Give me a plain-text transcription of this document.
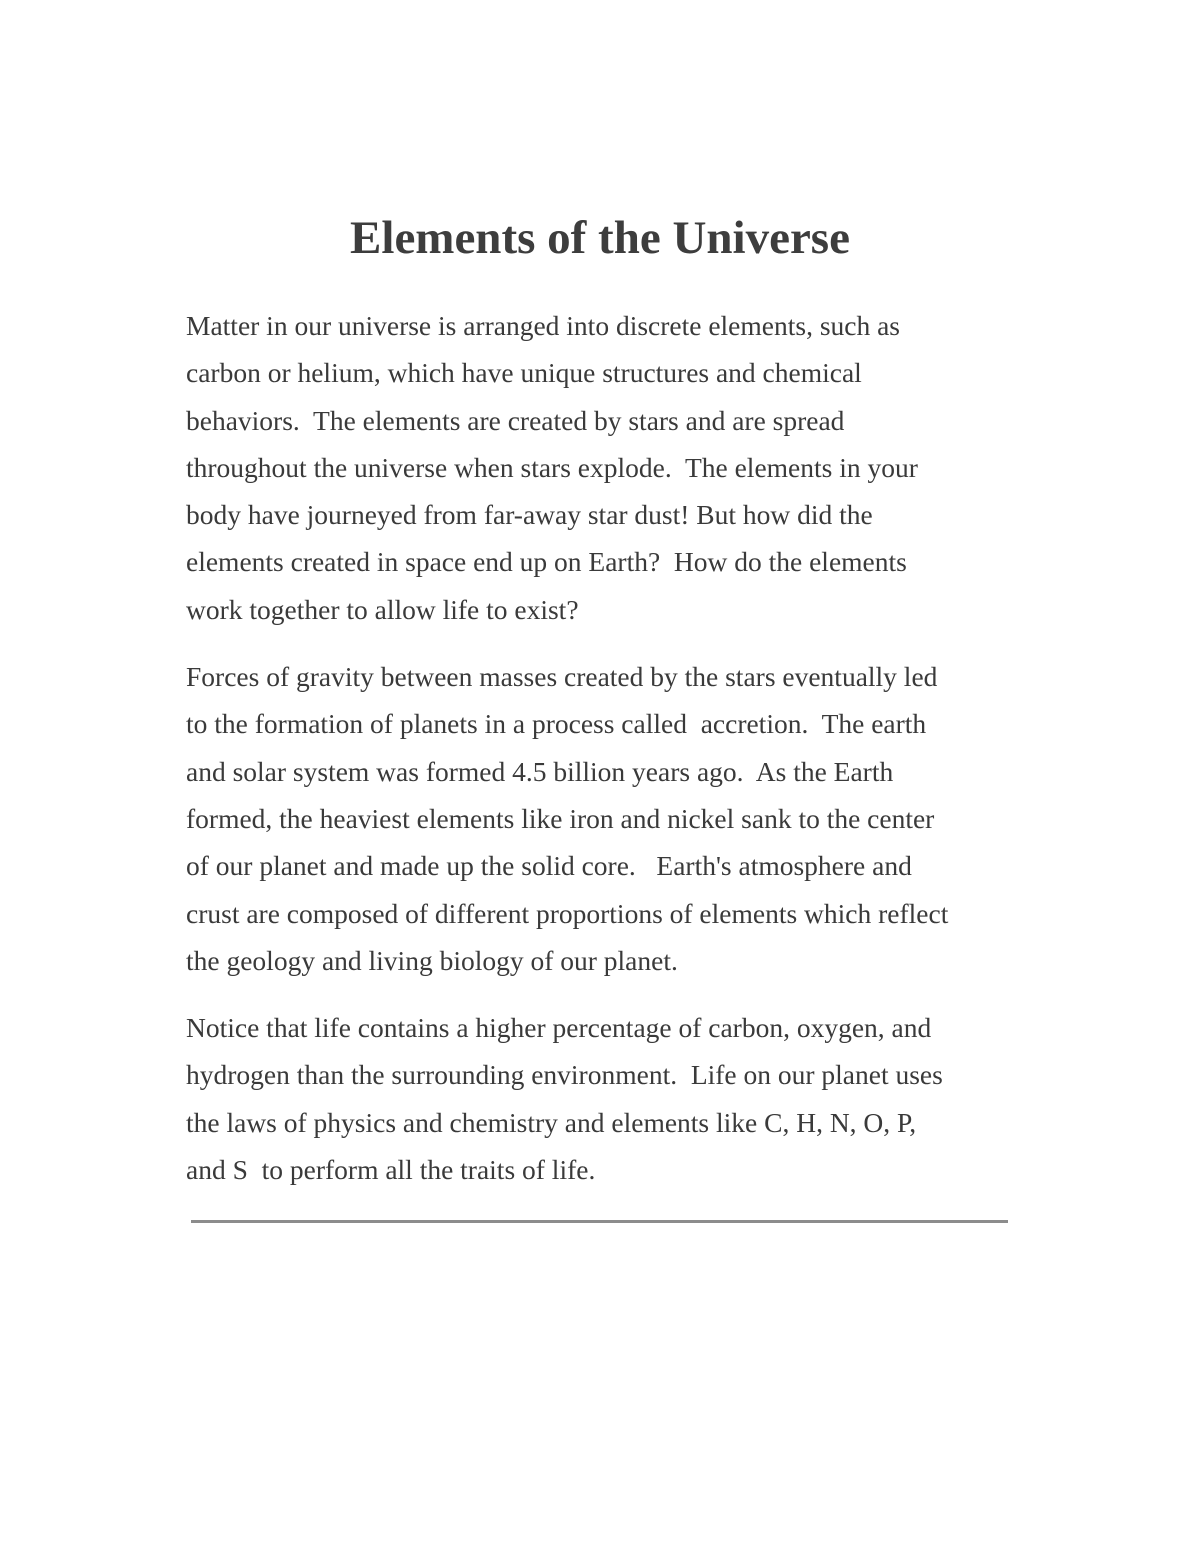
Elements of the Universe

Matter in our universe is arranged into discrete elements, such as
carbon or helium, which have unique structures and chemical
behaviors.  The elements are created by stars and are spread
throughout the universe when stars explode.  The elements in your
body have journeyed from far-away star dust! But how did the
elements created in space end up on Earth?  How do the elements
work together to allow life to exist?

Forces of gravity between masses created by the stars eventually led
to the formation of planets in a process called  accretion.  The earth
and solar system was formed 4.5 billion years ago.  As the Earth
formed, the heaviest elements like iron and nickel sank to the center
of our planet and made up the solid core.   Earth's atmosphere and
crust are composed of different proportions of elements which reflect
the geology and living biology of our planet.

Notice that life contains a higher percentage of carbon, oxygen, and
hydrogen than the surrounding environment.  Life on our planet uses
the laws of physics and chemistry and elements like C, H, N, O, P,
and S  to perform all the traits of life.
